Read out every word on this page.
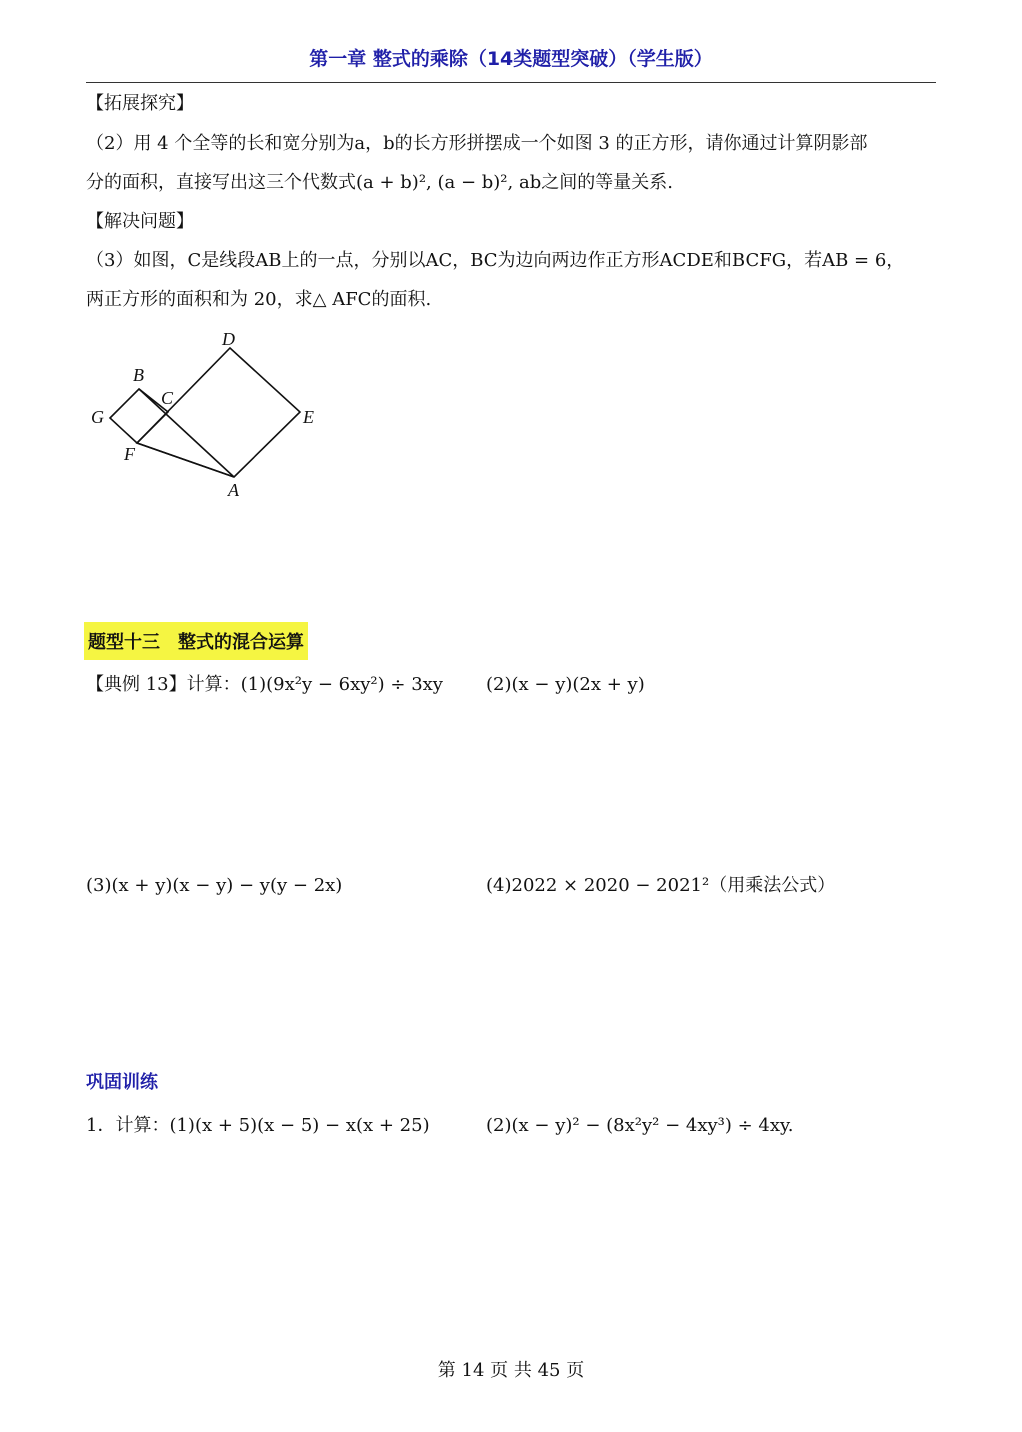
第一章 整式的乘除（14类题型突破）（学生版）
【拓展探究】
（2）用 4 个全等的长和宽分别为a，b的长方形拼摆成一个如图 3 的正方形，请你通过计算阴影部
分的面积，直接写出这三个代数式(a + b)², (a − b)², ab之间的等量关系.
【解决问题】
（3）如图，C是线段AB上的一点，分别以AC，BC为边向两边作正方形ACDE和BCFG，若AB = 6，
两正方形的面积和为 20，求△ AFC的面积.
D
B
C
G	E
F
A
题型十三　整式的混合运算
【典例 13】计算：(1)(9x²y − 6xy²) ÷ 3xy (2)(x − y)(2x + y)
(3)(x + y)(x − y) − y(y − 2x)	(4)2022 × 2020 − 2021²（用乘法公式）
巩固训练
1．计算：(1)(x + 5)(x − 5) − x(x + 25)	(2)(x − y)² − (8x²y² − 4xy³) ÷ 4xy.
第 14 页 共 45 页
